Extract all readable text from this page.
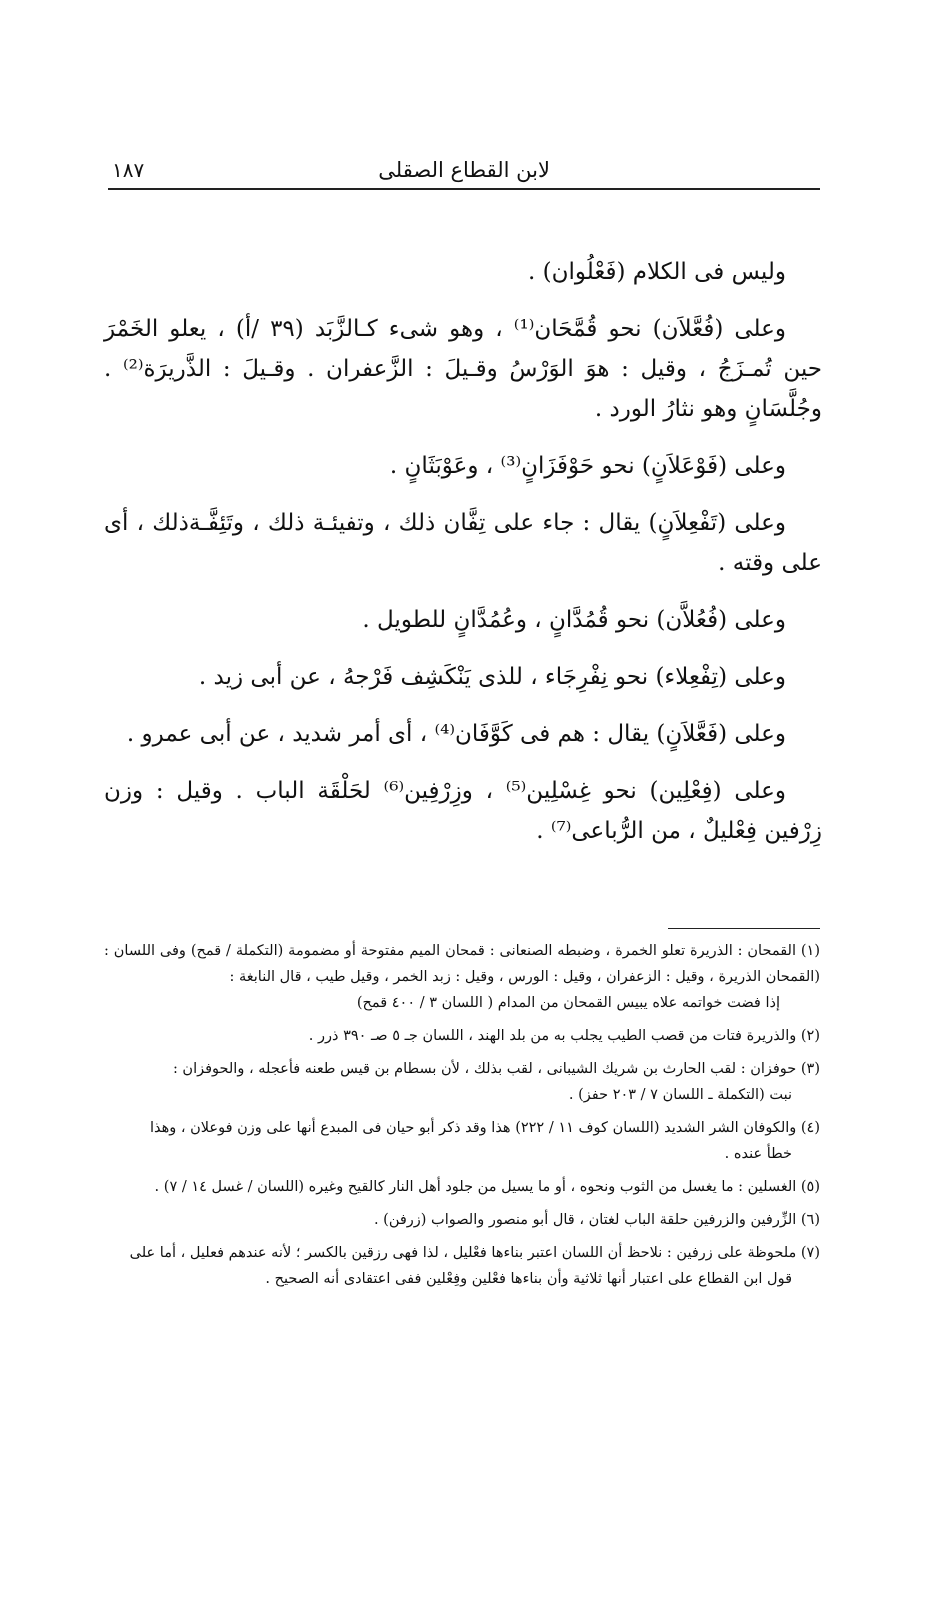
لابن القطاع الصقلى
١٨٧

وليس فى الكلام (فَعْلُوان) .

وعلى (فُعَّلاَن) نحو قُمَّحَان⁽¹⁾ ، وهو شىء كـالزَّبَد (٣٩ /أ) ، يعلو الخَمْرَ حين تُمـزَجُ ، وقيل : هوَ الوَرْسُ وقـيلَ : الزَّعفران . وقـيلَ : الذَّريرَة⁽²⁾ . وجُلَّسَانٍ وهو نثارُ الورد .

وعلى (فَوْعَلاَنٍ) نحو حَوْفَزَانٍ⁽³⁾ ، وعَوْبَثَانٍ .

وعلى (تَفْعِلاَنٍ) يقال : جاء على تِفَّان ذلك ، وتفيئـة ذلك ، وتَئِفَّـةذلك ، أى على وقته .

وعلى (فُعُلاَّن) نحو قُمُدَّانٍ ، وعُمُدَّانٍ للطويل .

وعلى (تِفْعِلاء) نحو نِفْرِجَاء ، للذى يَنْكَشِف فَرْجهُ ، عن أبى زيد .

وعلى (فَعَّلاَنٍ) يقال : هم فى كَوَّفَان⁽⁴⁾ ، أى أمر شديد ، عن أبى عمرو .

وعلى (فِعْلِين) نحو غِسْلِين⁽⁵⁾ ، وزِرْفِين⁽⁶⁾ لحَلْقَة الباب . وقيل : وزن زِرْفين فِعْليلٌ ، من الرُّباعى⁽⁷⁾ .

(١) القمحان : الذريرة تعلو الخمرة ، وضبطه الصنعانى : قمحان الميم مفتوحة أو مضمومة (التكملة / قمح) وفى اللسان : (القمحان الذريرة ، وقيل : الزعفران ، وقيل : الورس ، وقيل : زبد الخمر ، وقيل طيب ، قال النابغة :
إذا فضت خواتمه علاه يبيس القمحان من المدام ( اللسان ٣ / ٤٠٠ قمح)

(٢) والذريرة فتات من قصب الطيب يجلب به من بلد الهند ، اللسان جـ ٥ صـ ٣٩٠ ذرر .

(٣) حوفزان : لقب الحارث بن شريك الشيبانى ، لقب بذلك ، لأن بسطام بن قيس طعنه فأعجله ، والحوفزان :
نبت (التكملة ـ اللسان ٧ / ٢٠٣ حفز) .

(٤) والكوفان الشر الشديد (اللسان كوف ١١ / ٢٢٢) هذا وقد ذكر أبو حيان فى المبدع أنها على وزن فوعلان ، وهذا
خطأ عنده .

(٥) الغسلين : ما يغسل من الثوب ونحوه ، أو ما يسيل من جلود أهل النار كالقيح وغيره (اللسان / غسل ١٤ / ٧) .

(٦) الزِّرفين والزرفين حلقة الباب لغتان ، قال أبو منصور والصواب (زرفن) .

(٧) ملحوظة على زرفين : نلاحظ أن اللسان اعتبر بناءها فعْليل ، لذا فهى رزقين بالكسر ؛ لأنه عندهم فعليل ، أما على
قول ابن القطاع على اعتبار أنها ثلاثية وأن بناءها فعْلين وفِعْلين ففى اعتقادى أنه الصحيح .
